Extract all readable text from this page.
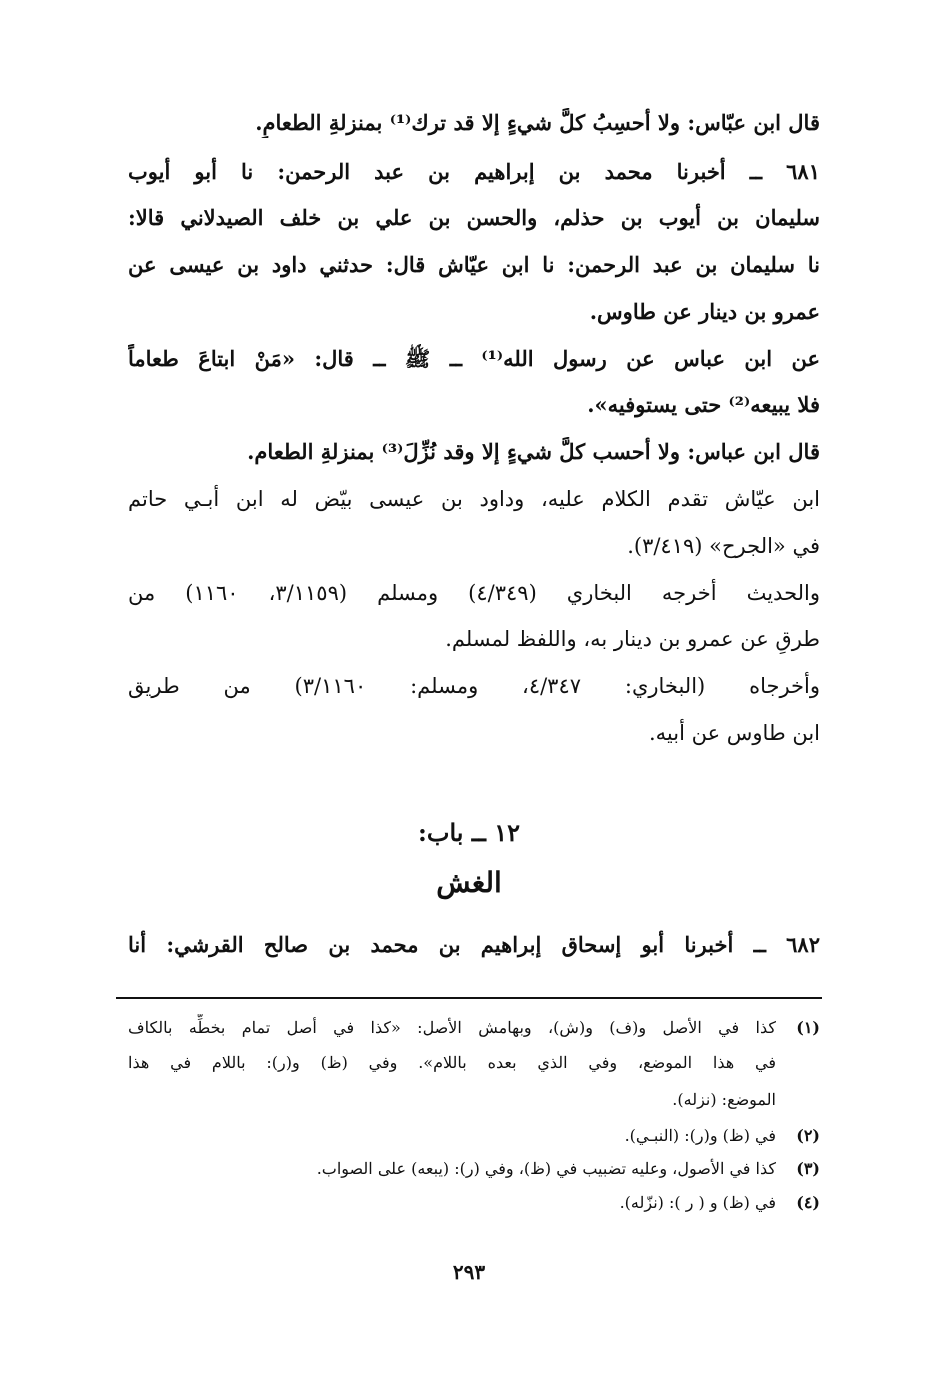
قال ابن عبّاس: ولا أحسِبُ كلَّ شيءٍ إلا قد ترك⁽¹⁾ بمنزلةِ الطعامِ.
٦٨١ ــ أخبرنا محمد بن إبراهيم بن عبد الرحمن: نا أبو أيوب
سليمان بن أيوب بن حذلم، والحسن بن علي بن خلف الصيدلاني قالا:
نا سليمان بن عبد الرحمن: نا ابن عيّاش قال: حدثني داود بن عيسى عن
عمرو بن دينار عن طاوس.
عن ابن عباس عن رسول الله⁽¹⁾ ــ ﷺ ــ قال: «مَنْ ابتاعَ طعاماً
فلا يبيعه⁽²⁾ حتى يستوفيه».
قال ابن عباس: ولا أحسب كلَّ شيءٍ إلا وقد نُزِّلَ⁽³⁾ بمنزلةِ الطعام.
ابن عيّاش تقدم الكلام عليه، وداود بن عيسى بيّض له ابن أبـي حاتم
في «الجرح» (٣/٤١٩).
والحديث أخرجه البخاري (٤/٣٤٩) ومسلم (٣/١١٥٩، ١١٦٠) من
طرقٍ عن عمرو بن دينار به، واللفظ لمسلم.
وأخرجاه (البخاري: ٤/٣٤٧، ومسلم: ٣/١١٦٠) من طريق
ابن طاوس عن أبيه.
١٢ ــ باب:
الغش
٦٨٢ ــ أخبرنا أبو إسحاق إبراهيم بن محمد بن صالح القرشي: أنا
(١)كذا في الأصل و(ف) و(ش)، وبهامش الأصل: «كذا في أصل تمام بخطِّه بالكاف
في هذا الموضع، وفي الذي بعده باللام». وفي (ظ) و(ر): باللام في هذا
الموضع: (نزله).
(٢)في (ظ) و(ر): (النبـي).
(٣)كذا في الأصول، وعليه تضبيب في (ظ)، وفي (ر): (يبعه) على الصواب.
(٤)في (ظ) و ( ر ): (نزّله).
٢٩٣
